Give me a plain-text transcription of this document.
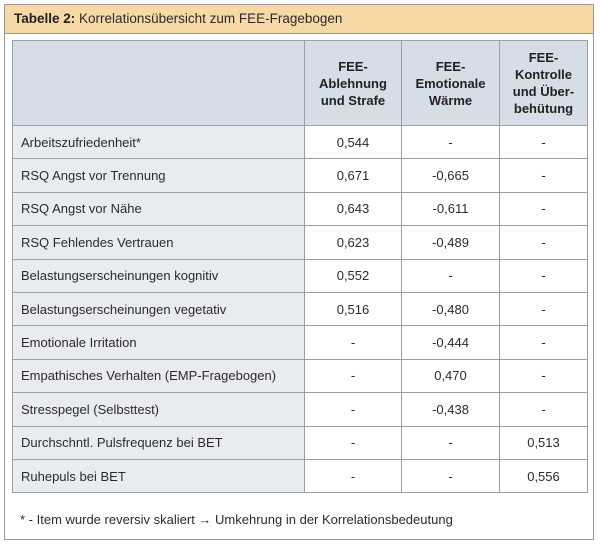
Tabelle 2: Korrelationsübersicht zum FEE-Fragebogen
	FEE-
Ablehnung
und Strafe	FEE-
Emotionale
Wärme	FEE-
Kontrolle
und Über-
behütung
Arbeitszufriedenheit*	0,544	-	-
RSQ Angst vor Trennung	0,671	-0,665	-
RSQ Angst vor Nähe	0,643	-0,611	-
RSQ Fehlendes Vertrauen	0,623	-0,489	-
Belastungserscheinungen kognitiv	0,552	-	-
Belastungserscheinungen vegetativ	0,516	-0,480	-
Emotionale Irritation	-	-0,444	-
Empathisches Verhalten (EMP-Fragebogen)	-	0,470	-
Stresspegel (Selbsttest)	-	-0,438	-
Durchschntl. Pulsfrequenz bei BET	-	-	0,513
Ruhepuls bei BET	-	-	0,556
* - Item wurde reversiv skaliert → Umkehrung in der Korrelationsbedeutung
